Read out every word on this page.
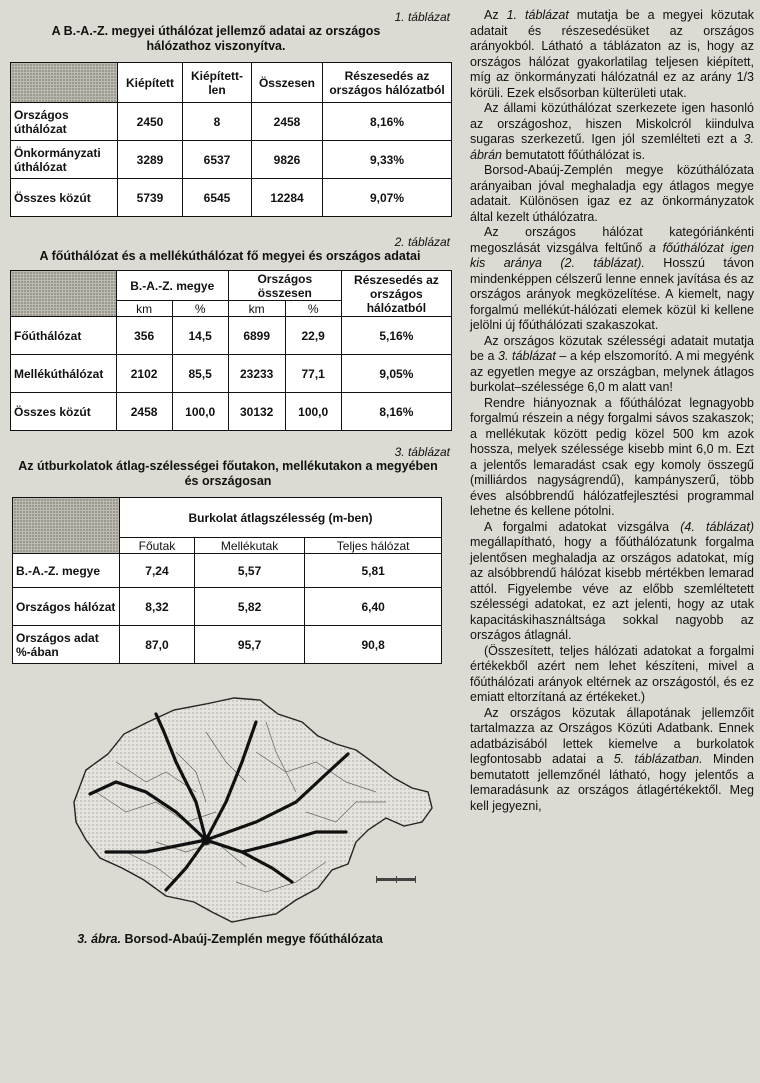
1. táblázat
A B.-A.-Z. megyei úthálózat jellemző adatai az országos hálózathoz viszonyítva.
	Kiépített	Kiépített-len	Összesen	Részesedés az országos hálózatból
Országos úthálózat	2450	8	2458	8,16%
Önkormányzati úthálózat	3289	6537	9826	9,33%
Összes közút	5739	6545	12284	9,07%
2. táblázat
A főúthálózat és a mellékúthálózat fő megyei és országos adatai
	B.-A.-Z. megye		Országos összesen		Részesedés az országos hálózatból
	km	%	km	%	
Főúthálózat	356	14,5	6899	22,9	5,16%
Mellékúthálózat	2102	85,5	23233	77,1	9,05%
Összes közút	2458	100,0	30132	100,0	8,16%
3. táblázat
Az útburkolatok átlag-szélességei főutakon, mellékutakon a megyében és országosan
	Burkolat átlagszélesség (m-ben)		
	Főutak	Mellékutak	Teljes hálózat
B.-A.-Z. megye	7,24	5,57	5,81
Országos hálózat	8,32	5,82	6,40
Országos adat %-ában	87,0	95,7	90,8
3. ábra. Borsod-Abaúj-Zemplén megye főúthálózata

Az 1. táblázat mutatja be a megyei közutak adatait és részesedésüket az országos arányokból. Látható a táblázaton az is, hogy az országos hálózat gyakorlatilag teljesen kiépített, míg az önkormányzati hálózatnál ez az arány 1/3 körüli. Ezek elsősorban külterületi utak.

Az állami közúthálózat szerkezete igen hasonló az országoshoz, hiszen Miskolcról kiindulva sugaras szerkezetű. Igen jól szemlélteti ezt a 3. ábrán bemutatott főúthálózat is.

Borsod-Abaúj-Zemplén megye közúthálózata arányaiban jóval meghaladja egy átlagos megye adatait. Különösen igaz ez az önkormányzatok által kezelt úthálózatra.

Az országos hálózat kategóriánkénti megoszlását vizsgálva feltűnő a főúthálózat igen kis aránya (2. táblázat). Hosszú távon mindenképpen célszerű lenne ennek javítása és az országos arányok megközelítése. A kiemelt, nagy forgalmú mellékút-hálózati elemek közül ki kellene jelölni új főúthálózati szakaszokat.

Az országos közutak szélességi adatait mutatja be a 3. táblázat – a kép elszomorító. A mi megyénk az egyetlen megye az országban, melynek átlagos burkolat–szélessége 6,0 m alatt van!

Rendre hiányoznak a főúthálózat legnagyobb forgalmú részein a négy forgalmi sávos szakaszok; a mellékutak között pedig közel 500 km azok hossza, melyek szélessége kisebb mint 6,0 m. Ezt a jelentős lemaradást csak egy komoly összegű (milliárdos nagyságrendű), kampányszerű, több éves alsóbbrendű hálózatfejlesztési programmal lehetne és kellene pótolni.

A forgalmi adatokat vizsgálva (4. táblázat) megállapítható, hogy a főúthálózatunk forgalma jelentősen meghaladja az országos adatokat, míg az alsóbbrendű hálózat kisebb mértékben lemarad attól. Figyelembe véve az előbb szemléltetett szélességi adatokat, ez azt jelenti, hogy az utak kapacitáskihasználtsága sokkal nagyobb az országos átlagnál.

(Összesített, teljes hálózati adatokat a forgalmi értékekből azért nem lehet készíteni, mivel a főúthálózati arányok eltérnek az országostól, és ez emiatt eltorzítaná az értékeket.)

Az országos közutak állapotának jellemzőit tartalmazza az Országos Közúti Adatbank. Ennek adatbázisából lettek kiemelve a burkolatok legfontosabb adatai a 5. táblázatban. Minden bemutatott jellemzőnél látható, hogy jelentős a lemaradásunk az országos átlagértékektől. Meg kell jegyezni,
